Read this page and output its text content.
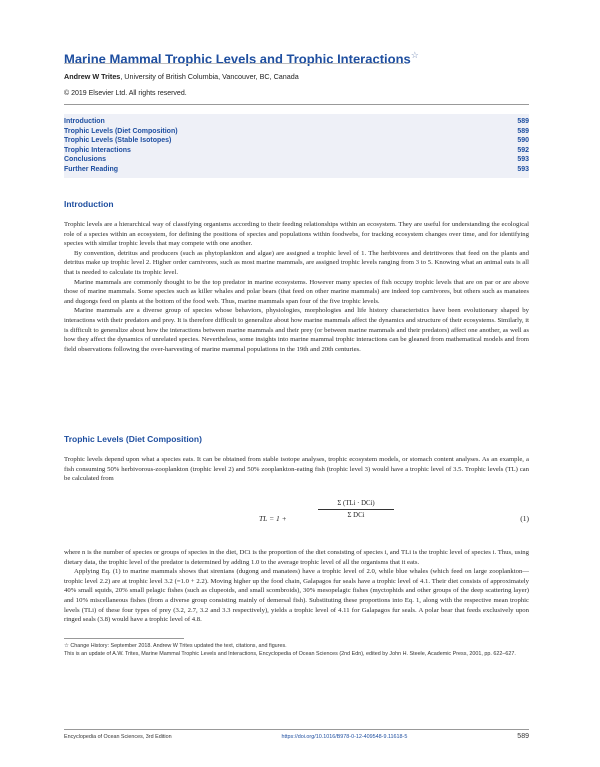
Marine Mammal Trophic Levels and Trophic Interactions☆
Andrew W Trites, University of British Columbia, Vancouver, BC, Canada
© 2019 Elsevier Ltd. All rights reserved.
Introduction	589
Trophic Levels (Diet Composition)	589
Trophic Levels (Stable Isotopes)	590
Trophic Interactions	592
Conclusions	593
Further Reading	593
Introduction

Trophic levels are a hierarchical way of classifying organisms according to their feeding relationships within an ecosystem. They are useful for understanding the ecological role of a species within an ecosystem, for defining the positions of species and populations within foodwebs, for tracking ecosystem changes over time, and for identifying species with similar trophic levels that may compete with one another.

By convention, detritus and producers (such as phytoplankton and algae) are assigned a trophic level of 1. The herbivores and detritivores that feed on the plants and detritus make up trophic level 2. Higher order carnivores, such as most marine mammals, are assigned trophic levels ranging from 3 to 5. Knowing what an animal eats is all that is needed to calculate its trophic level.

Marine mammals are commonly thought to be the top predator in marine ecosystems. However many species of fish occupy trophic levels that are on par or are above those of marine mammals. Some species such as killer whales and polar bears (that feed on other marine mammals) are indeed top carnivores, but others such as manatees and dugongs feed on plants at the bottom of the food web. Thus, marine mammals span four of the five trophic levels.

Marine mammals are a diverse group of species whose behaviors, physiologies, morphologies and life history characteristics have been evolutionary shaped by interactions with their predators and prey. It is therefore difficult to generalize about how marine mammals affect the dynamics and structure of their ecosystems. Similarly, it is difficult to generalize about how the interactions between marine mammals and their prey (or between marine mammals and their predators) affect one another, as well as how they affect the dynamics of unrelated species. Nevertheless, some insights into marine mammal trophic interactions can be gleaned from mathematical models and from field observations following the over-harvesting of marine mammal populations in the 19th and 20th centuries.

Trophic Levels (Diet Composition)

Trophic levels depend upon what a species eats. It can be obtained from stable isotope analyses, trophic ecosystem models, or stomach content analyses. As an example, a fish consuming 50% herbivorous-zooplankton (trophic level 2) and 50% zooplankton-eating fish (trophic level 3) would have a trophic level of 3.5. Trophic levels (TL) can be calculated from

TL = 1 +
Σ (TLi · DCi)
Σ DCi	(1)

where n is the number of species or groups of species in the diet, DCi is the proportion of the diet consisting of species i, and TLi is the trophic level of species i. Thus, using dietary data, the trophic level of the predator is determined by adding 1.0 to the average trophic level of all the organisms that it eats.

Applying Eq. (1) to marine mammals shows that sirenians (dugong and manatees) have a trophic level of 2.0, while blue whales (which feed on large zooplankton—trophic level 2.2) are at trophic level 3.2 (=1.0 + 2.2). Moving higher up the food chain, Galapagos fur seals have a trophic level of 4.1. Their diet consists of approximately 40% small squids, 20% small pelagic fishes (such as clupeoids, and small scombroids), 30% mesopelagic fishes (myctophids and other groups of the deep scattering layer) and 10% miscellaneous fishes (from a diverse group consisting mainly of demersal fish). Substituting these proportions into Eq. 1, along with the respective mean trophic levels (TLi) of these four types of prey (3.2, 2.7, 3.2 and 3.3 respectively), yields a trophic level of 4.11 for Galapagos fur seals. A polar bear that feeds exclusively upon ringed seals (3.8) would have a trophic level of 4.8.

☆ Change History: September 2018. Andrew W Trites updated the text, citations, and figures.

This is an update of A.W. Trites, Marine Mammal Trophic Levels and Interactions, Encyclopedia of Ocean Sciences (2nd Edn), edited by John H. Steele, Academic Press, 2001, pp. 622–627.

Encyclopedia of Ocean Sciences, 3rd Edition	https://doi.org/10.1016/B978-0-12-409548-9.11618-5	589
